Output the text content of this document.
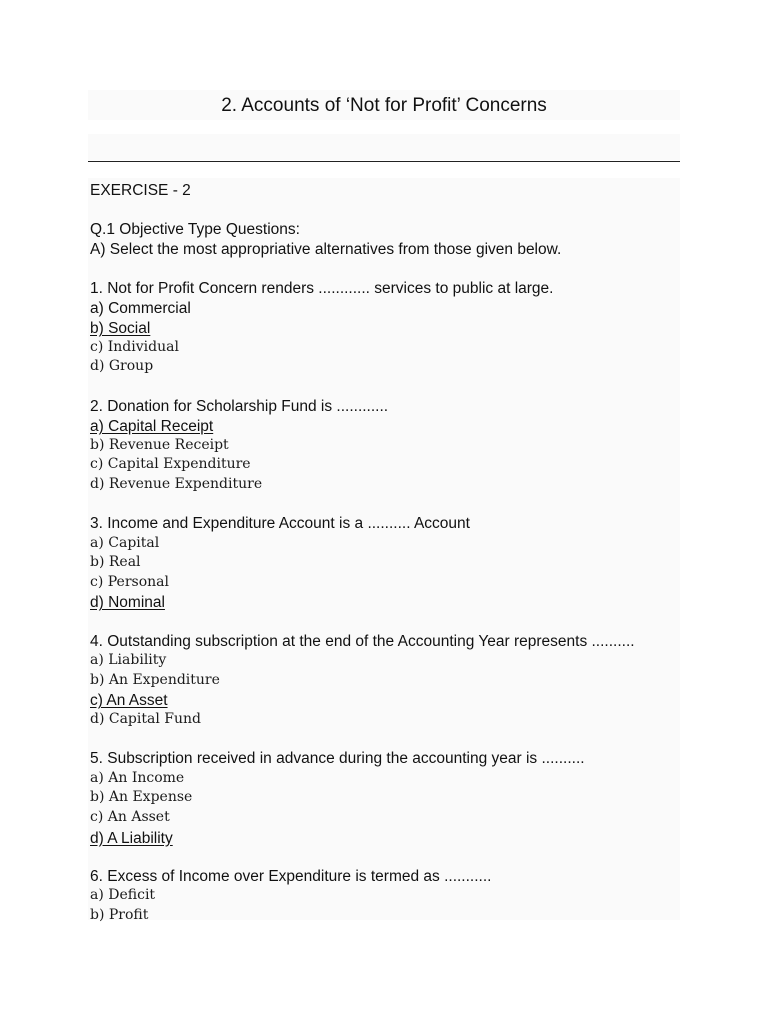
2. Accounts of ‘Not for Profit’ Concerns
EXERCISE - 2
Q.1 Objective Type Questions:
A) Select the most appropriative alternatives from those given below.
1. Not for Profit Concern renders ............ services to public at large.
a) Commercial
b) Social
c) Individual
d) Group
2. Donation for Scholarship Fund is ............
a) Capital Receipt
b) Revenue Receipt
c) Capital Expenditure
d) Revenue Expenditure
3. Income and Expenditure Account is a .......... Account
a) Capital
b) Real
c) Personal
d) Nominal
4. Outstanding subscription at the end of the Accounting Year represents ..........
a) Liability
b) An Expenditure
c) An Asset
d) Capital Fund
5. Subscription received in advance during the accounting year is ..........
a) An Income
b) An Expense
c) An Asset
d) A Liability
6. Excess of Income over Expenditure is termed as ...........
a) Deficit
b) Profit
